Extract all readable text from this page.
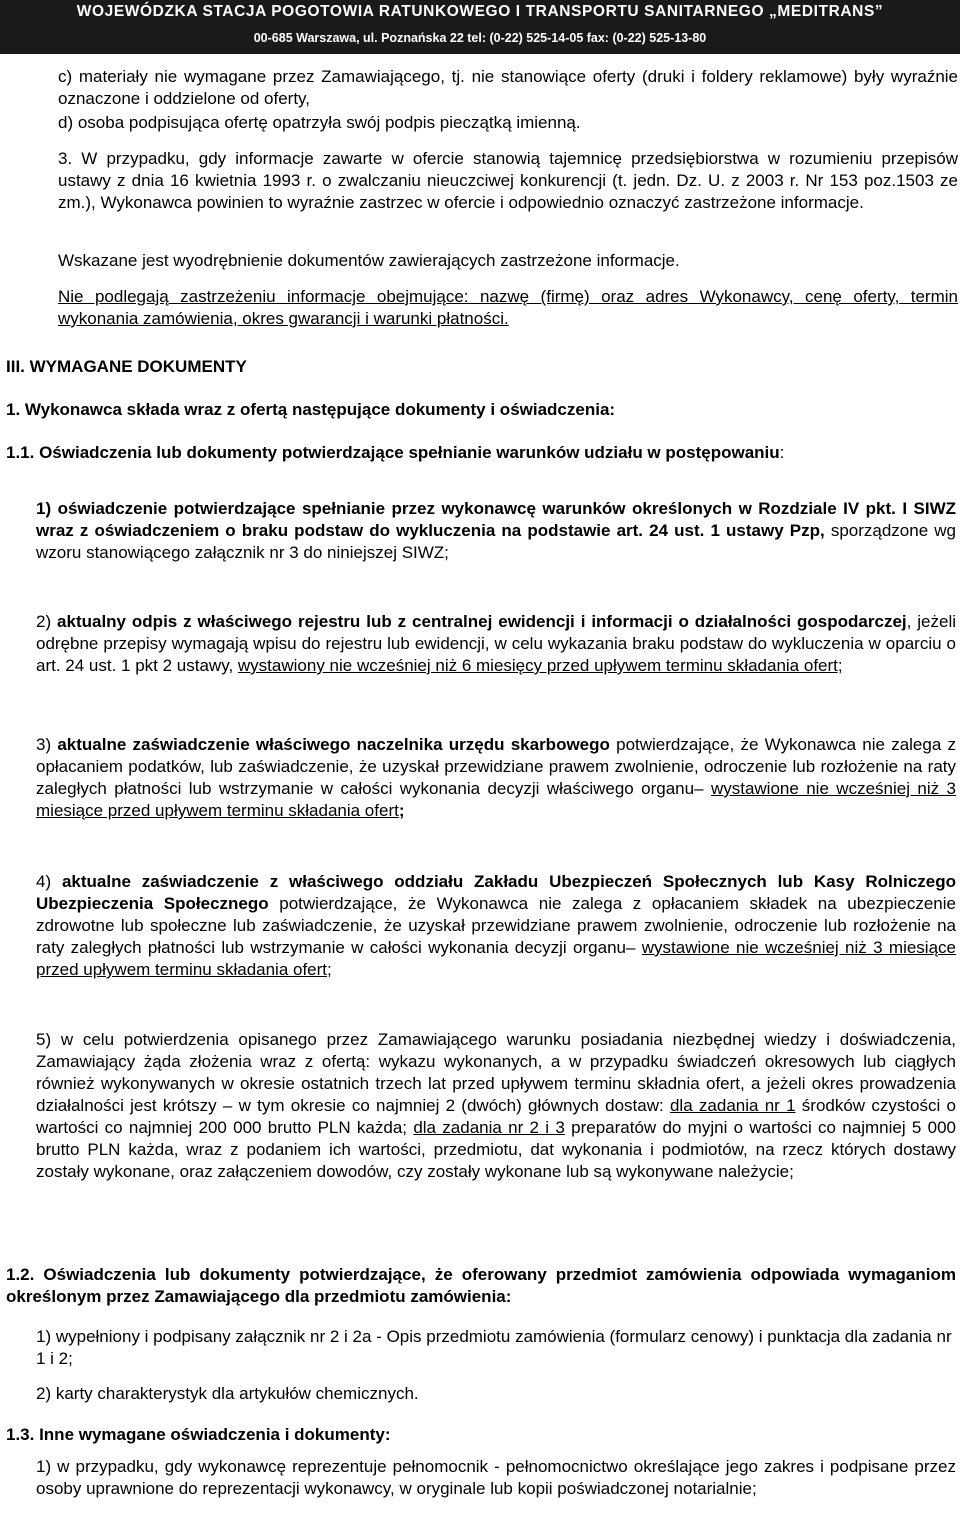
WOJEWÓDZKA STACJA POGOTOWIA RATUNKOWEGO I TRANSPORTU SANITARNEGO „MEDITRANS”
00-685 Warszawa, ul. Poznańska 22 tel: (0-22) 525-14-05 fax: (0-22) 525-13-80
c) materiały nie wymagane przez Zamawiającego, tj. nie stanowiące oferty (druki i foldery reklamowe) były wyraźnie oznaczone i oddzielone od oferty,
d) osoba podpisująca ofertę opatrzyła swój podpis pieczątką imienną.
3. W przypadku, gdy informacje zawarte w ofercie stanowią tajemnicę przedsiębiorstwa w rozumieniu przepisów ustawy z dnia 16 kwietnia 1993 r. o zwalczaniu nieuczciwej konkurencji (t. jedn. Dz. U. z 2003 r. Nr 153 poz.1503 ze zm.), Wykonawca powinien to wyraźnie zastrzec w ofercie i odpowiednio oznaczyć zastrzeżone informacje.
Wskazane jest wyodrębnienie dokumentów zawierających zastrzeżone informacje.
Nie podlegają zastrzeżeniu informacje obejmujące: nazwę (firmę) oraz adres Wykonawcy, cenę oferty, termin wykonania zamówienia, okres gwarancji i warunki płatności.
III. WYMAGANE DOKUMENTY
1. Wykonawca składa wraz z ofertą następujące dokumenty i oświadczenia:
1.1. Oświadczenia lub dokumenty potwierdzające spełnianie warunków udziału w postępowaniu:
1) oświadczenie potwierdzające spełnianie przez wykonawcę warunków określonych w Rozdziale IV pkt. I SIWZ wraz z oświadczeniem o braku podstaw do wykluczenia na podstawie art. 24 ust. 1 ustawy Pzp, sporządzone wg wzoru stanowiącego załącznik nr 3 do niniejszej SIWZ;
2) aktualny odpis z właściwego rejestru lub z centralnej ewidencji i informacji o działalności gospodarczej, jeżeli odrębne przepisy wymagają wpisu do rejestru lub ewidencji, w celu wykazania braku podstaw do wykluczenia w oparciu o art. 24 ust. 1 pkt 2 ustawy, wystawiony nie wcześniej niż 6 miesięcy przed upływem terminu składania ofert;
3) aktualne zaświadczenie właściwego naczelnika urzędu skarbowego potwierdzające, że Wykonawca nie zalega z opłacaniem podatków, lub zaświadczenie, że uzyskał przewidziane prawem zwolnienie, odroczenie lub rozłożenie na raty zaległych płatności lub wstrzymanie w całości wykonania decyzji właściwego organu– wystawione nie wcześniej niż 3 miesiące przed upływem terminu składania ofert;
4) aktualne zaświadczenie z właściwego oddziału Zakładu Ubezpieczeń Społecznych lub Kasy Rolniczego Ubezpieczenia Społecznego potwierdzające, że Wykonawca nie zalega z opłacaniem składek na ubezpieczenie zdrowotne lub społeczne lub zaświadczenie, że uzyskał przewidziane prawem zwolnienie, odroczenie lub rozłożenie na raty zaległych płatności lub wstrzymanie w całości wykonania decyzji organu– wystawione nie wcześniej niż 3 miesiące przed upływem terminu składania ofert;
5) w celu potwierdzenia opisanego przez Zamawiającego warunku posiadania niezbędnej wiedzy i doświadczenia, Zamawiający żąda złożenia wraz z ofertą: wykazu wykonanych, a w przypadku świadczeń okresowych lub ciągłych również wykonywanych w okresie ostatnich trzech lat przed upływem terminu składnia ofert, a jeżeli okres prowadzenia działalności jest krótszy – w tym okresie co najmniej 2 (dwóch) głównych dostaw: dla zadania nr 1 środków czystości o wartości co najmniej 200 000 brutto PLN każda; dla zadania nr 2 i 3 preparatów do myjni o wartości co najmniej 5 000 brutto PLN każda, wraz z podaniem ich wartości, przedmiotu, dat wykonania i podmiotów, na rzecz których dostawy zostały wykonane, oraz załączeniem dowodów, czy zostały wykonane lub są wykonywane należycie;
1.2. Oświadczenia lub dokumenty potwierdzające, że oferowany przedmiot zamówienia odpowiada wymaganiom określonym przez Zamawiającego dla przedmiotu zamówienia:
1) wypełniony i podpisany załącznik nr 2 i 2a - Opis przedmiotu zamówienia (formularz cenowy) i punktacja dla zadania nr 1 i 2;
2) karty charakterystyk dla artykułów chemicznych.
1.3. Inne wymagane oświadczenia i dokumenty:
1) w przypadku, gdy wykonawcę reprezentuje pełnomocnik - pełnomocnictwo określające jego zakres i podpisane przez osoby uprawnione do reprezentacji wykonawcy, w oryginale lub kopii poświadczonej notarialnie;
